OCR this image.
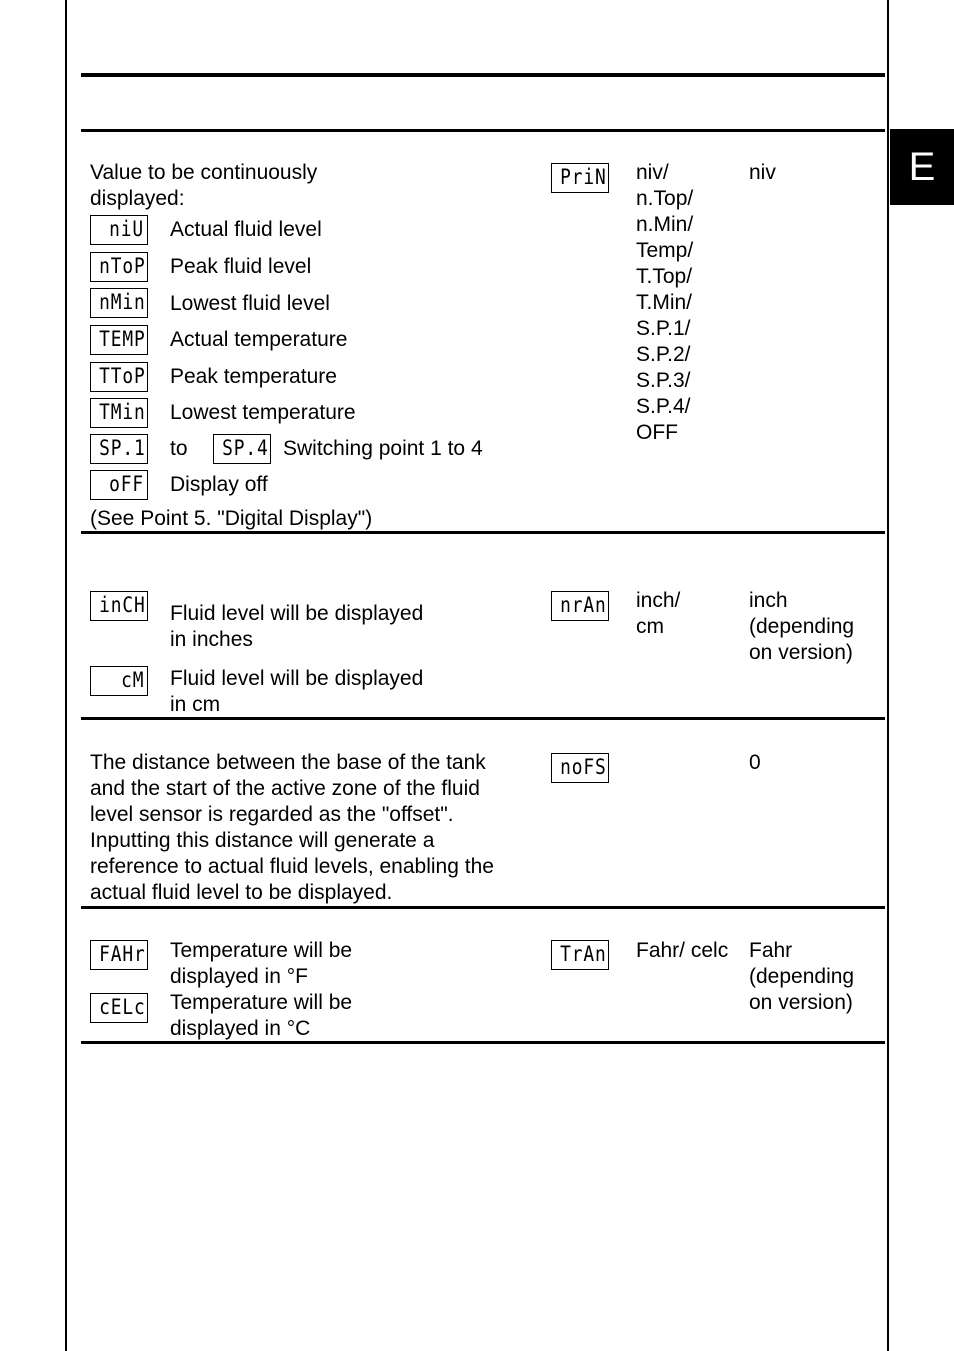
E
Value to be continuously
displayed:
niU Actual fluid level
nToP Peak fluid level
nMin Lowest fluid level
TEMP Actual temperature
TToP Peak temperature
TMin Lowest temperature
SP.1 to	SP.4 Switching point 1 to 4
oFF Display off
(See Point 5. "Digital Display")
PriN niv/
n.Top/
n.Min/
Temp/
T.Top/
T.Min/
S.P.1/
S.P.2/
S.P.3/
S.P.4/
OFF
niv
inCH Fluid level will be displayed
in inches
cM Fluid level will be displayed
in cm
nrAn inch/
cm
inch
(depending
on version)
The distance between the base of the tank
and the start of the active zone of the fluid
level sensor is regarded as the "offset".
Inputting this distance will generate a
reference to actual fluid levels, enabling the
actual fluid level to be displayed.
noFS	0
FAHr Temperature will be
displayed in °F
cELc Temperature will be
displayed in °C
TrAn Fahr/ celc Fahr
(depending
on version)
